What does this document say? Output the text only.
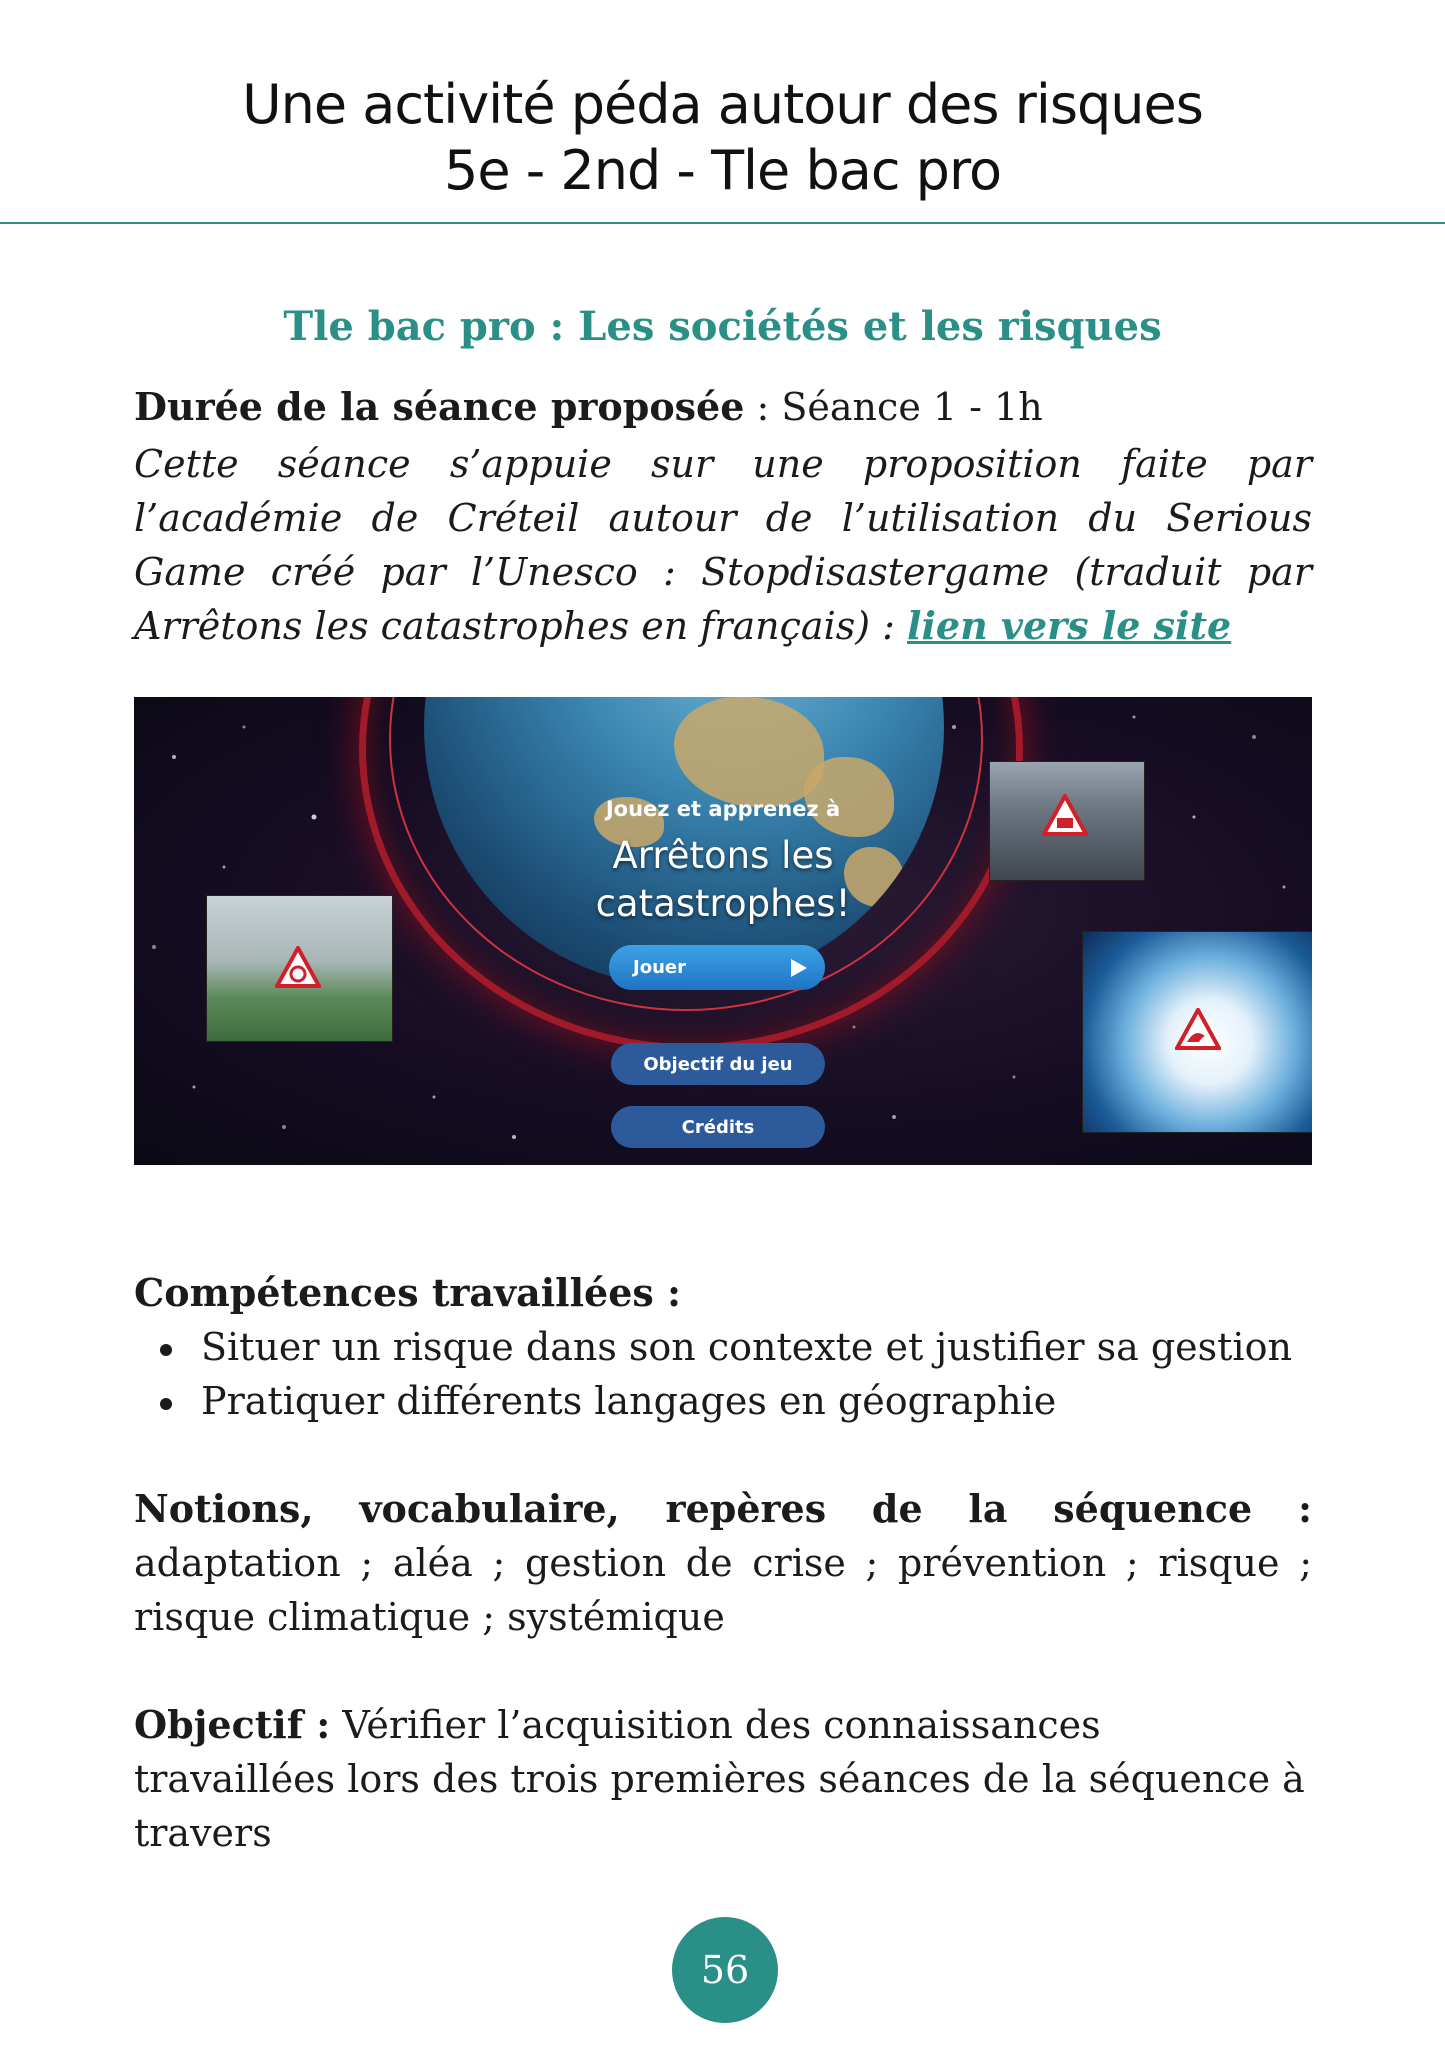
Une activité péda autour des risques
5e - 2nd - Tle bac pro
Tle bac pro : Les sociétés et les risques
Durée de la séance proposée : Séance 1 - 1h
Cette séance s’appuie sur une proposition faite par l’académie de Créteil autour de l’utilisation du Serious Game créé par l’Unesco : Stopdisastergame (traduit par Arrêtons les catastrophes en français) : lien vers le site
Jouez et apprenez à
Arrêtons les
catastrophes!
Jouer
Objectif du jeu
Crédits
Compétences travaillées :
Situer un risque dans son contexte et justifier sa gestion
Pratiquer différents langages en géographie
Notions, vocabulaire, repères de la séquence : adaptation ; aléa ; gestion de crise ; prévention ; risque ; risque climatique ; systémique
Objectif : Vérifier l’acquisition des connaissances travaillées lors des trois premières séances de la séquence à travers
56
